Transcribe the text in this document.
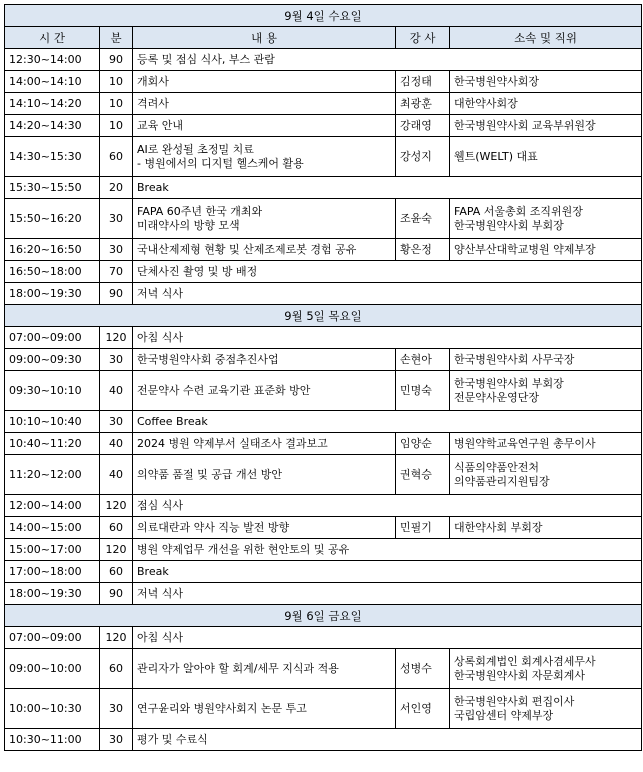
9월 4일 수요일				
시 간	분	내 용	강 사	소속 및 직위
12:30~14:00	90	등록 및 점심 식사, 부스 관람		
14:00~14:10	10	개회사	김정태	한국병원약사회장
14:10~14:20	10	격려사	최광훈	대한약사회장
14:20~14:30	10	교육 안내	강래영	한국병원약사회 교육부위원장
14:30~15:30	60	AI로 완성될 초정밀 치료
- 병원에서의 디지털 헬스케어 활용	강성지	웰트(WELT) 대표
15:30~15:50	20	Break		
15:50~16:20	30	FAPA 60주년 한국 개최와
미래약사의 방향 모색	조윤숙	FAPA 서울총회 조직위원장
한국병원약사회 부회장
16:20~16:50	30	국내산제제형 현황 및 산제조제로봇 경험 공유	황은정	양산부산대학교병원 약제부장
16:50~18:00	70	단체사진 촬영 및 방 배정		
18:00~19:30	90	저녁 식사		
9월 5일 목요일				
07:00~09:00	120	아침 식사		
09:00~09:30	30	한국병원약사회 중점추진사업	손현아	한국병원약사회 사무국장
09:30~10:10	40	전문약사 수련 교육기관 표준화 방안	민명숙	한국병원약사회 부회장
전문약사운영단장
10:10~10:40	30	Coffee Break		
10:40~11:20	40	2024 병원 약제부서 실태조사 결과보고	임양순	병원약학교육연구원 총무이사
11:20~12:00	40	의약품 품절 및 공급 개선 방안	권혁승	식품의약품안전처
의약품관리지원팀장
12:00~14:00	120	점심 식사		
14:00~15:00	60	의료대란과 약사 직능 발전 방향	민필기	대한약사회 부회장
15:00~17:00	120	병원 약제업무 개선을 위한 현안토의 및 공유		
17:00~18:00	60	Break		
18:00~19:30	90	저녁 식사		
9월 6일 금요일				
07:00~09:00	120	아침 식사		
09:00~10:00	60	관리자가 알아야 할 회계/세무 지식과 적용	성병수	상록회계법인 회계사겸세무사
한국병원약사회 자문회계사
10:00~10:30	30	연구윤리와 병원약사회지 논문 투고	서인영	한국병원약사회 편집이사
국립암센터 약제부장
10:30~11:00	30	평가 및 수료식		
